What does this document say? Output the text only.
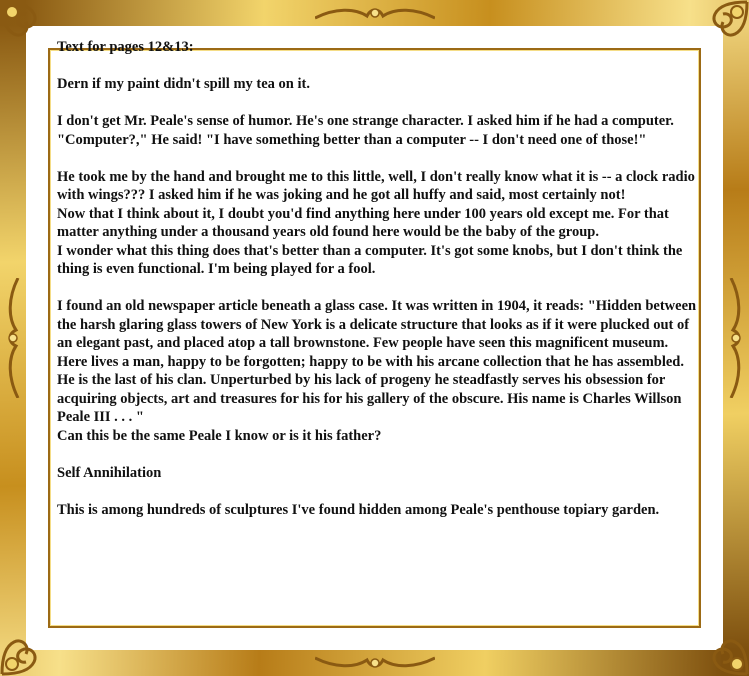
Text for pages 12&13:

Dern if my paint didn't spill my tea on it.

I don't get Mr. Peale's sense of humor. He's one strange character. I asked him if he had a computer. "Computer?," He said! "I have something better than a computer -- I don't need one of those!"

He took me by the hand and brought me to this little, well, I don't really know what it is -- a clock radio with wings??? I asked him if he was joking and he got all huffy and said, most certainly not!

Now that I think about it, I doubt you'd find anything here under 100 years old except me. For that matter anything under a thousand years old found here would be the baby of the group.

I wonder what this thing does that's better than a computer. It's got some knobs, but I don't think the thing is even functional. I'm being played for a fool.

I found an old newspaper article beneath a glass case. It was written in 1904, it reads: "Hidden between the harsh glaring glass towers of New York is a delicate structure that looks as if it were plucked out of an elegant past, and placed atop a tall brownstone. Few people have seen this magnificent museum. Here lives a man, happy to be forgotten; happy to be with his arcane collection that he has assembled. He is the last of his clan. Unperturbed by his lack of progeny he steadfastly serves his obsession for acquiring objects, art and treasures for his for his gallery of the obscure. His name is Charles Willson Peale III . . . "

Can this be the same Peale I know or is it his father?

Self Annihilation

This is among hundreds of sculptures I've found hidden among Peale's penthouse topiary garden.
